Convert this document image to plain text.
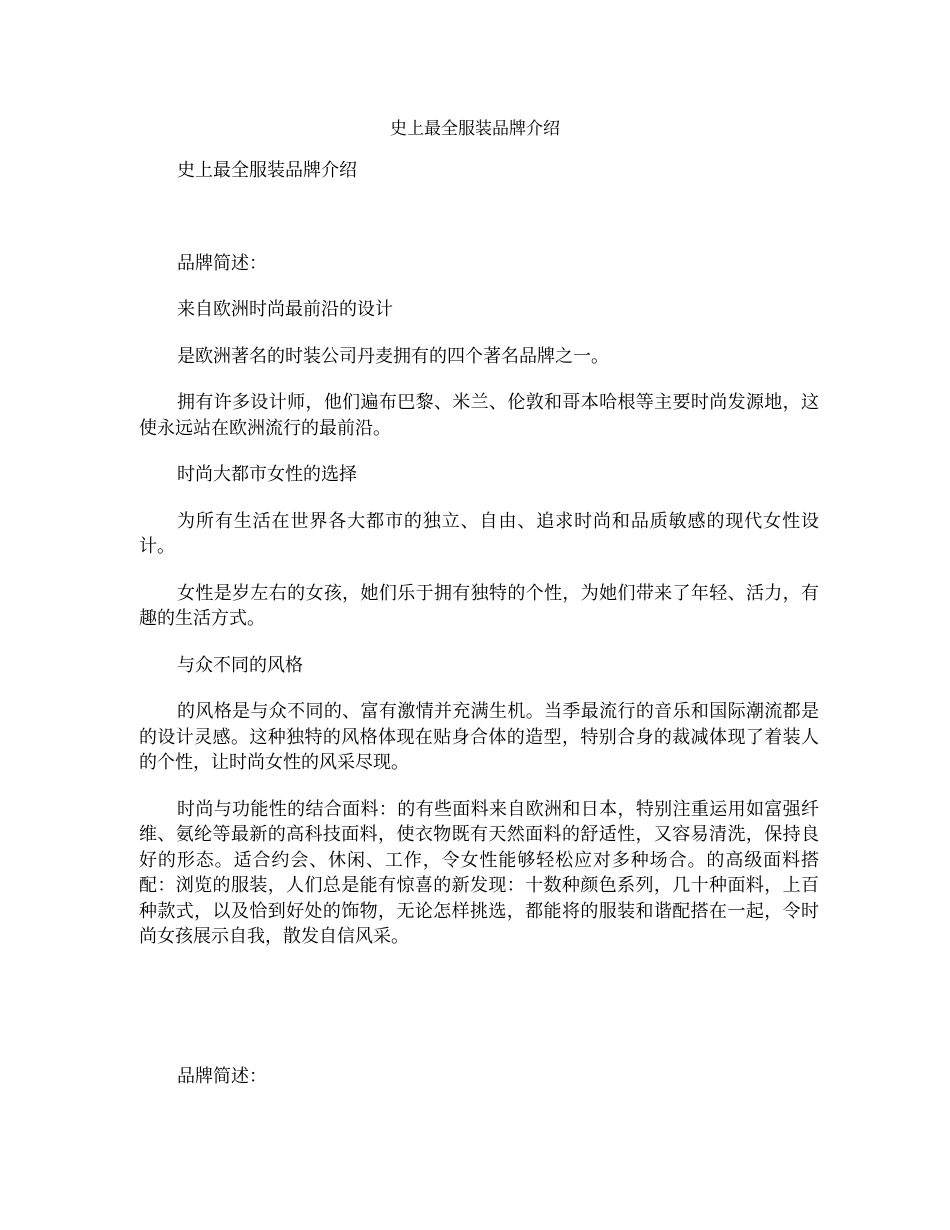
史上最全服装品牌介绍

史上最全服装品牌介绍

品牌简述：

来自欧洲时尚最前沿的设计

是欧洲著名的时装公司丹麦拥有的四个著名品牌之一。

拥有许多设计师，他们遍布巴黎、米兰、伦敦和哥本哈根等主要时尚发源地，这使永远站在欧洲流行的最前沿。

时尚大都市女性的选择

为所有生活在世界各大都市的独立、自由、追求时尚和品质敏感的现代女性设计。

女性是岁左右的女孩，她们乐于拥有独特的个性，为她们带来了年轻、活力，有趣的生活方式。

与众不同的风格

的风格是与众不同的、富有激情并充满生机。当季最流行的音乐和国际潮流都是的设计灵感。这种独特的风格体现在贴身合体的造型，特别合身的裁减体现了着装人的个性，让时尚女性的风采尽现。

时尚与功能性的结合面料：的有些面料来自欧洲和日本，特别注重运用如富强纤维、氨纶等最新的高科技面料，使衣物既有天然面料的舒适性，又容易清洗，保持良好的形态。适合约会、休闲、工作，令女性能够轻松应对多种场合。的高级面料搭配：浏览的服装，人们总是能有惊喜的新发现：十数种颜色系列，几十种面料，上百种款式，以及恰到好处的饰物，无论怎样挑选，都能将的服装和谐配搭在一起，令时尚女孩展示自我，散发自信风采。

品牌简述：
